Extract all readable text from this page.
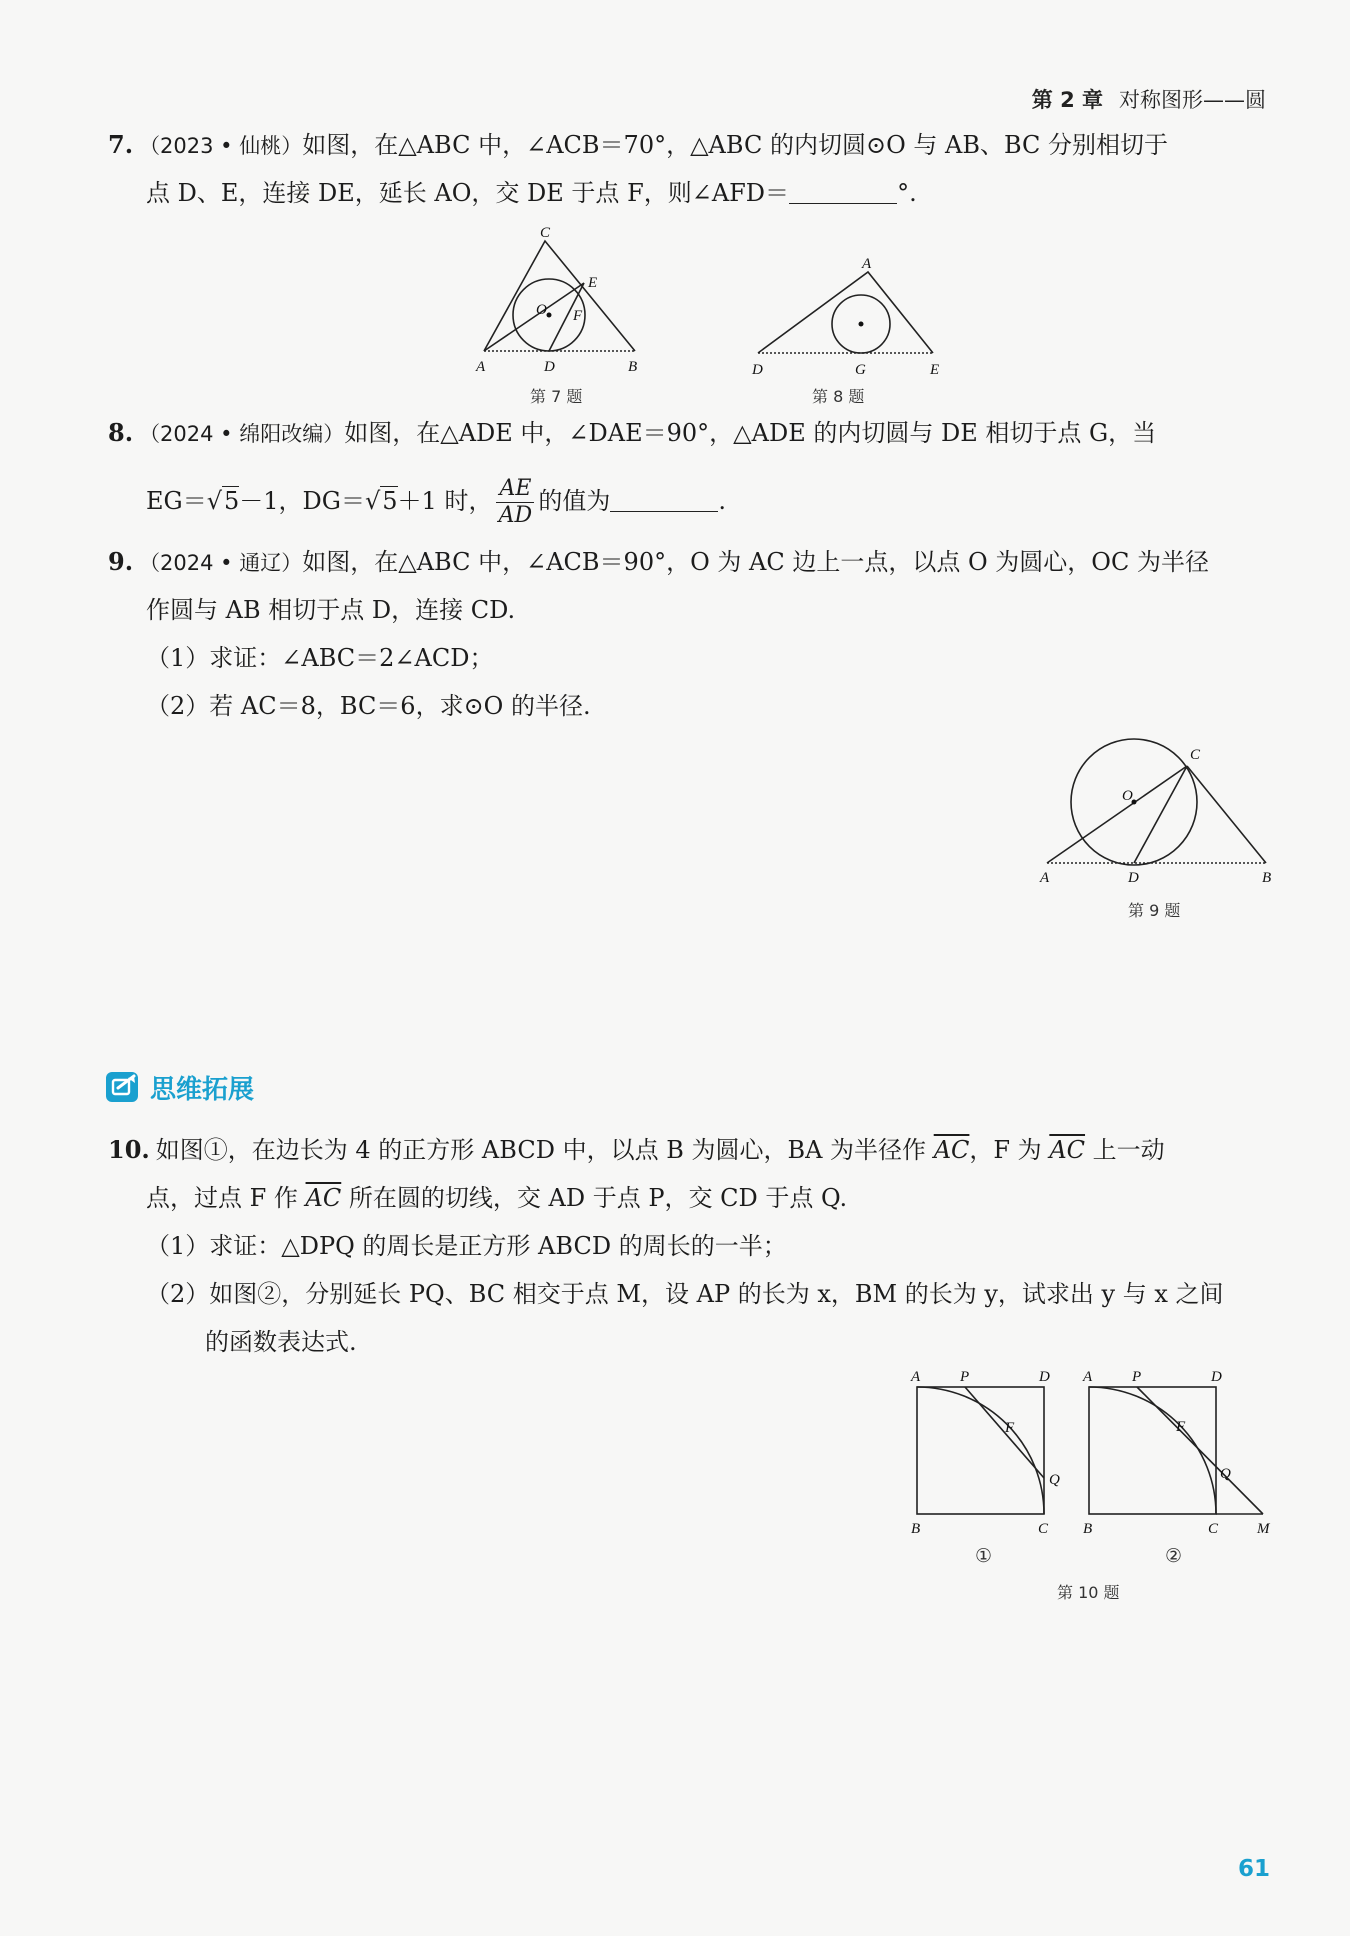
第 2 章 对称图形——圆
7. （2023 • 仙桃）如图，在△ABC 中，∠ACB＝70°，△ABC 的内切圆⊙O 与 AB、BC 分别相切于
点 D、E，连接 DE，延长 AO，交 DE 于点 F，则∠AFD＝	°.
C
E
O F
A	D	B
第 7 题
A
D	G	E
第 8 题
8. （2024 • 绵阳改编）如图，在△ADE 中，∠DAE＝90°，△ADE 的内切圆与 DE 相切于点 G，当
EG＝√5－1，DG＝√5＋1 时， $\frac{AE}{AD}$ 的值为	.
9. （2024 • 通辽）如图，在△ABC 中，∠ACB＝90°，O 为 AC 边上一点，以点 O 为圆心，OC 为半径
作圆与 AB 相切于点 D，连接 CD.
（1）求证：∠ABC＝2∠ACD；
（2）若 AC＝8，BC＝6，求⊙O 的半径.
C
O
A	D	B
第 9 题
思维拓展
10. 如图①，在边长为 4 的正方形 ABCD 中，以点 B 为圆心，BA 为半径作 $\overline{AC}$，F 为 $\overline{AC}$ 上一动
点，过点 F 作 $\overline{AC}$ 所在圆的切线，交 AD 于点 P，交 CD 于点 Q.
（1）求证：△DPQ 的周长是正方形 ABCD 的周长的一半；
（2）如图②，分别延长 PQ、BC 相交于点 M，设 AP 的长为 x，BM 的长为 y，试求出 y 与 x 之间
的函数表达式.
A	P	D
F
Q
B	C
①
A	P	D
F
Q
B	C	M
②
第 10 题
61
